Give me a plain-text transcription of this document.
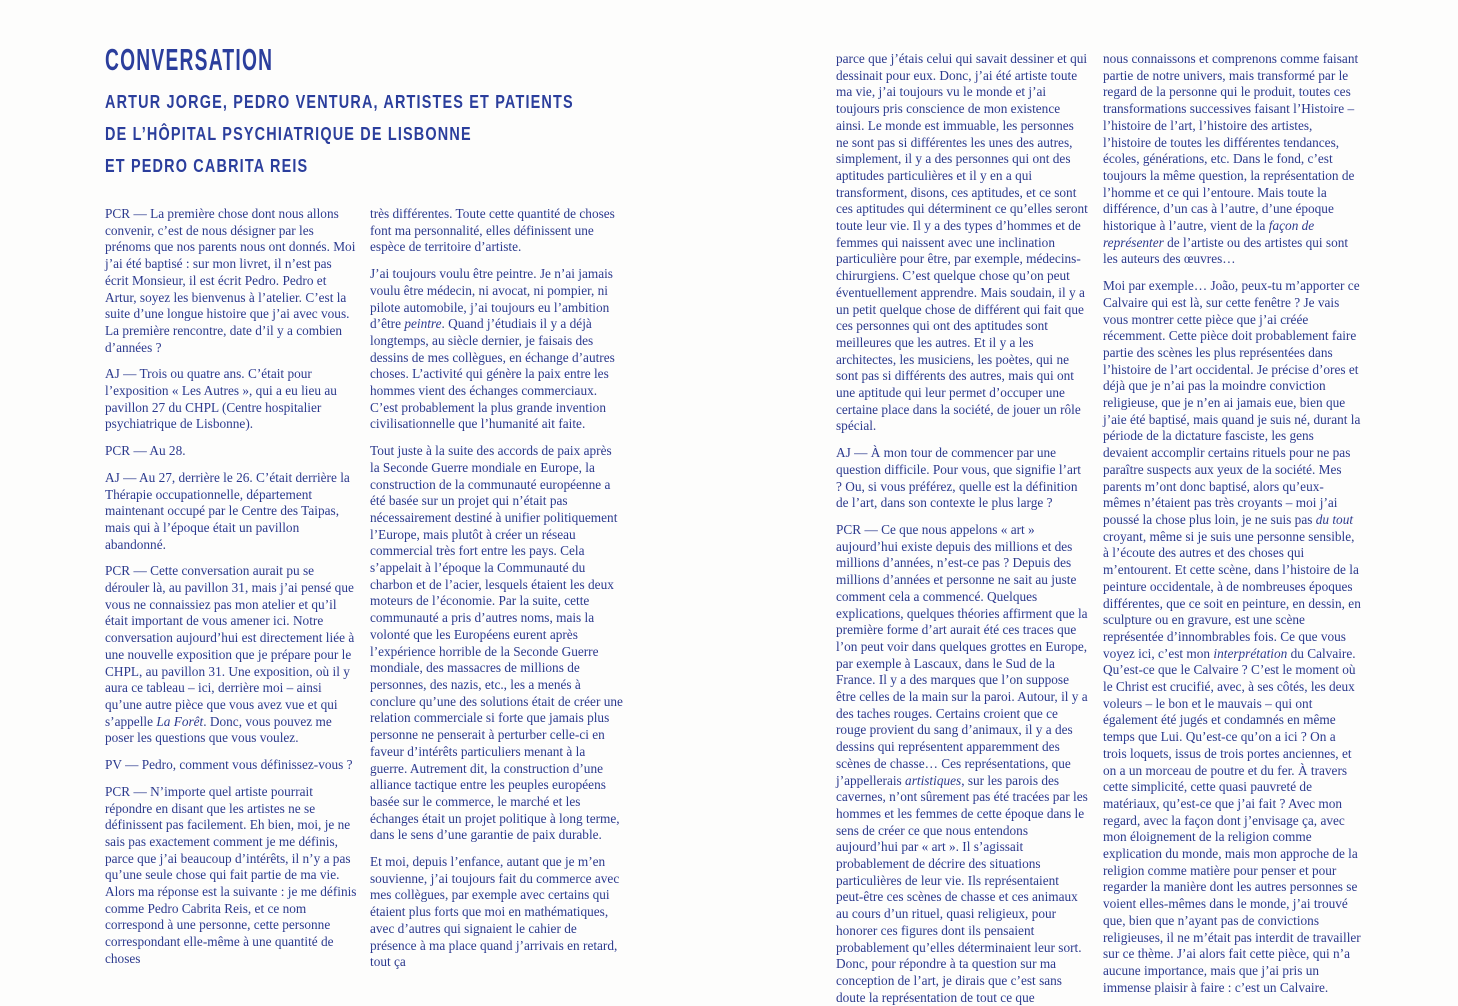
CONVERSATION
ARTUR JORGE, PEDRO VENTURA, ARTISTES ET PATIENTS
DE L’HÔPITAL PSYCHIATRIQUE DE LISBONNE
ET PEDRO CABRITA REIS

PCR — La première chose dont nous allons convenir, c’est de nous désigner par les prénoms que nos parents nous ont donnés. Moi j’ai été baptisé : sur mon livret, il n’est pas écrit Monsieur, il est écrit Pedro. Pedro et Artur, soyez les bienvenus à l’atelier. C’est la suite d’une longue histoire que j’ai avec vous. La première rencontre, date d’il y a combien d’années ?

AJ — Trois ou quatre ans. C’était pour l’exposition « Les Autres », qui a eu lieu au pavillon 27 du CHPL (Centre hospitalier psychiatrique de Lisbonne).

PCR — Au 28.

AJ — Au 27, derrière le 26. C’était derrière la Thérapie occupationnelle, département maintenant occupé par le Centre des Taipas, mais qui à l’époque était un pavillon abandonné.

PCR — Cette conversation aurait pu se dérouler là, au pavillon 31, mais j’ai pensé que vous ne connaissiez pas mon atelier et qu’il était important de vous amener ici. Notre conversation aujourd’hui est directement liée à une nouvelle exposition que je prépare pour le CHPL, au pavillon 31. Une exposition, où il y aura ce tableau – ici, derrière moi – ainsi qu’une autre pièce que vous avez vue et qui s’appelle La Forêt. Donc, vous pouvez me poser les questions que vous voulez.

PV — Pedro, comment vous définissez-vous ?

PCR — N’importe quel artiste pourrait répondre en disant que les artistes ne se définissent pas facilement. Eh bien, moi, je ne sais pas exactement comment je me définis, parce que j’ai beaucoup d’intérêts, il n’y a pas qu’une seule chose qui fait partie de ma vie. Alors ma réponse est la suivante : je me définis comme Pedro Cabrita Reis, et ce nom correspond à une personne, cette personne correspondant elle-même à une quantité de choses

très différentes. Toute cette quantité de choses font ma personnalité, elles définissent une espèce de territoire d’artiste.

J’ai toujours voulu être peintre. Je n’ai jamais voulu être médecin, ni avocat, ni pompier, ni pilote automobile, j’ai toujours eu l’ambition d’être peintre. Quand j’étudiais il y a déjà longtemps, au siècle dernier, je faisais des dessins de mes collègues, en échange d’autres choses. L’activité qui génère la paix entre les hommes vient des échanges commerciaux. C’est probablement la plus grande invention civilisationnelle que l’humanité ait faite.

Tout juste à la suite des accords de paix après la Seconde Guerre mondiale en Europe, la construction de la communauté européenne a été basée sur un projet qui n’était pas nécessairement destiné à unifier politiquement l’Europe, mais plutôt à créer un réseau commercial très fort entre les pays. Cela s’appelait à l’époque la Communauté du charbon et de l’acier, lesquels étaient les deux moteurs de l’économie. Par la suite, cette communauté a pris d’autres noms, mais la volonté que les Européens eurent après l’expérience horrible de la Seconde Guerre mondiale, des massacres de millions de personnes, des nazis, etc., les a menés à conclure qu’une des solutions était de créer une relation commerciale si forte que jamais plus personne ne penserait à perturber celle-ci en faveur d’intérêts particuliers menant à la guerre. Autrement dit, la construction d’une alliance tactique entre les peuples européens basée sur le commerce, le marché et les échanges était un projet politique à long terme, dans le sens d’une garantie de paix durable.

Et moi, depuis l’enfance, autant que je m’en souvienne, j’ai toujours fait du commerce avec mes collègues, par exemple avec certains qui étaient plus forts que moi en mathématiques, avec d’autres qui signaient le cahier de présence à ma place quand j’arrivais en retard, tout ça

parce que j’étais celui qui savait dessiner et qui dessinait pour eux. Donc, j’ai été artiste toute ma vie, j’ai toujours vu le monde et j’ai toujours pris conscience de mon existence ainsi. Le monde est immuable, les personnes ne sont pas si différentes les unes des autres, simplement, il y a des personnes qui ont des aptitudes particulières et il y en a qui transforment, disons, ces aptitudes, et ce sont ces aptitudes qui déterminent ce qu’elles seront toute leur vie. Il y a des types d’hommes et de femmes qui naissent avec une inclination particulière pour être, par exemple, médecins-chirurgiens. C’est quelque chose qu’on peut éventuellement apprendre. Mais soudain, il y a un petit quelque chose de différent qui fait que ces personnes qui ont des aptitudes sont meilleures que les autres. Et il y a les architectes, les musiciens, les poètes, qui ne sont pas si différents des autres, mais qui ont une aptitude qui leur permet d’occuper une certaine place dans la société, de jouer un rôle spécial.

AJ — À mon tour de commencer par une question difficile. Pour vous, que signifie l’art ? Ou, si vous préférez, quelle est la définition de l’art, dans son contexte le plus large ?

PCR — Ce que nous appelons « art » aujourd’hui existe depuis des millions et des millions d’années, n’est-ce pas ? Depuis des millions d’années et personne ne sait au juste comment cela a commencé. Quelques explications, quelques théories affirment que la première forme d’art aurait été ces traces que l’on peut voir dans quelques grottes en Europe, par exemple à Lascaux, dans le Sud de la France. Il y a des marques que l’on suppose être celles de la main sur la paroi. Autour, il y a des taches rouges. Certains croient que ce rouge provient du sang d’animaux, il y a des dessins qui représentent apparemment des scènes de chasse… Ces représentations, que j’appellerais artistiques, sur les parois des cavernes, n’ont sûrement pas été tracées par les hommes et les femmes de cette époque dans le sens de créer ce que nous entendons aujourd’hui par « art ». Il s’agissait probablement de décrire des situations particulières de leur vie. Ils représentaient peut-être ces scènes de chasse et ces animaux au cours d’un rituel, quasi religieux, pour honorer ces figures dont ils pensaient probablement qu’elles déterminaient leur sort. Donc, pour répondre à ta question sur ma conception de l’art, je dirais que c’est sans doute la représentation de tout ce que

nous connaissons et comprenons comme faisant partie de notre univers, mais transformé par le regard de la personne qui le produit, toutes ces transformations successives faisant l’Histoire – l’histoire de l’art, l’histoire des artistes, l’histoire de toutes les différentes tendances, écoles, générations, etc. Dans le fond, c’est toujours la même question, la représentation de l’homme et ce qui l’entoure. Mais toute la différence, d’un cas à l’autre, d’une époque historique à l’autre, vient de la façon de représenter de l’artiste ou des artistes qui sont les auteurs des œuvres…

Moi par exemple… João, peux-tu m’apporter ce Calvaire qui est là, sur cette fenêtre ? Je vais vous montrer cette pièce que j’ai créée récemment. Cette pièce doit probablement faire partie des scènes les plus représentées dans l’histoire de l’art occidental. Je précise d’ores et déjà que je n’ai pas la moindre conviction religieuse, que je n’en ai jamais eue, bien que j’aie été baptisé, mais quand je suis né, durant la période de la dictature fasciste, les gens devaient accomplir certains rituels pour ne pas paraître suspects aux yeux de la société. Mes parents m’ont donc baptisé, alors qu’eux-mêmes n’étaient pas très croyants – moi j’ai poussé la chose plus loin, je ne suis pas du tout croyant, même si je suis une personne sensible, à l’écoute des autres et des choses qui m’entourent. Et cette scène, dans l’histoire de la peinture occidentale, à de nombreuses époques différentes, que ce soit en peinture, en dessin, en sculpture ou en gravure, est une scène représentée d’innombrables fois. Ce que vous voyez ici, c’est mon interprétation du Calvaire. Qu’est-ce que le Calvaire ? C’est le moment où le Christ est crucifié, avec, à ses côtés, les deux voleurs – le bon et le mauvais – qui ont également été jugés et condamnés en même temps que Lui. Qu’est-ce qu’on a ici ? On a trois loquets, issus de trois portes anciennes, et on a un morceau de poutre et du fer. À travers cette simplicité, cette quasi pauvreté de matériaux, qu’est-ce que j’ai fait ? Avec mon regard, avec la façon dont j’envisage ça, avec mon éloignement de la religion comme explication du monde, mais mon approche de la religion comme matière pour penser et pour regarder la manière dont les autres personnes se voient elles-mêmes dans le monde, j’ai trouvé que, bien que n’ayant pas de convictions religieuses, il ne m’était pas interdit de travailler sur ce thème. J’ai alors fait cette pièce, qui n’a aucune importance, mais que j’ai pris un immense plaisir à faire : c’est un Calvaire.
